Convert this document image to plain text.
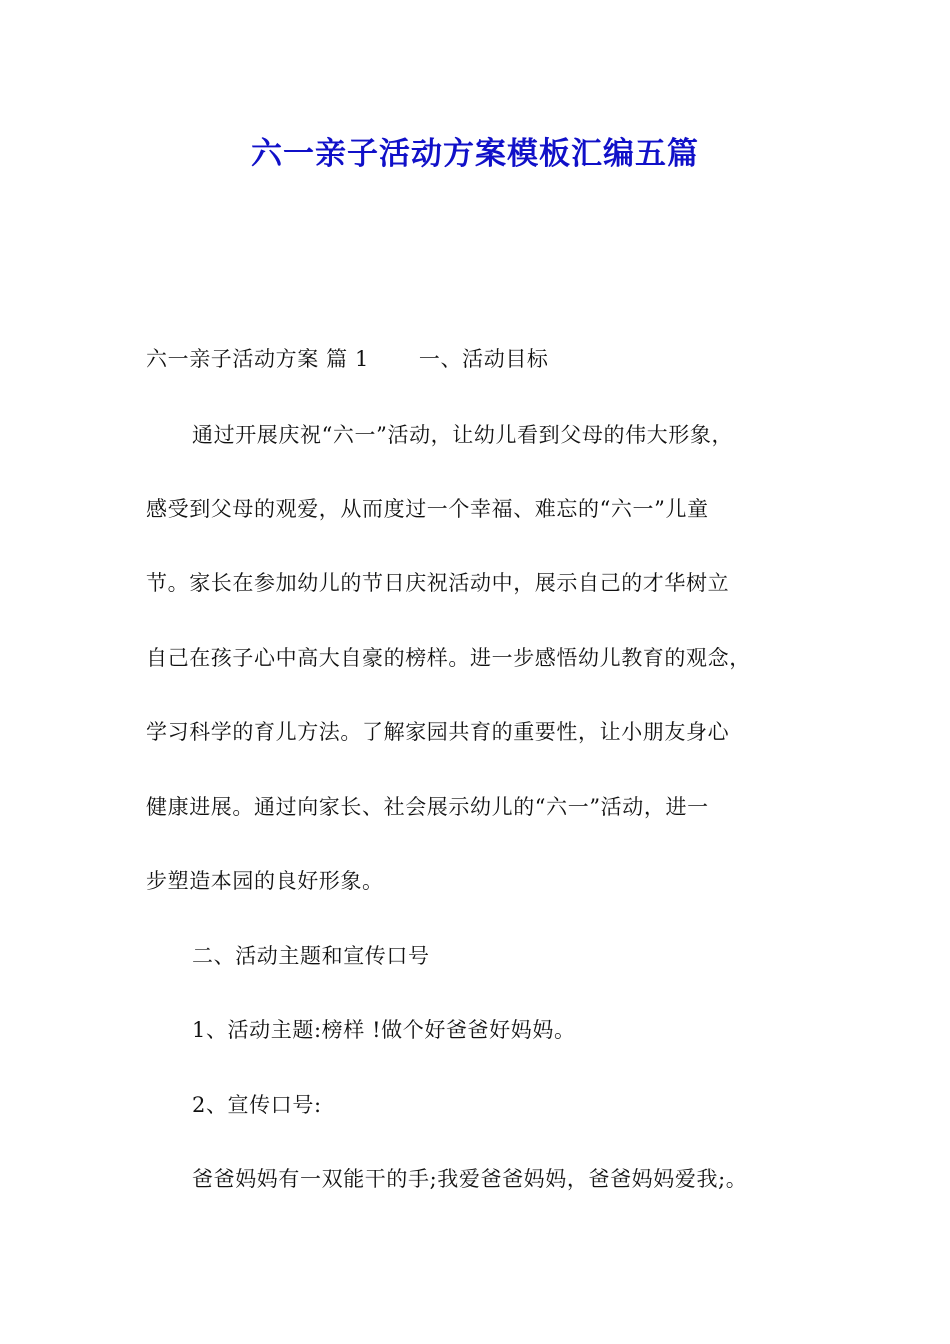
六一亲子活动方案模板汇编五篇
六一亲子活动方案 篇 1 一、活动目标
通过开展庆祝“六一”活动，让幼儿看到父母的伟大形象，
感受到父母的观爱，从而度过一个幸福、难忘的“六一”儿童
节。家长在参加幼儿的节日庆祝活动中，展示自己的才华树立
自己在孩子心中高大自豪的榜样。进一步感悟幼儿教育的观念，
学习科学的育儿方法。了解家园共育的重要性，让小朋友身心
健康进展。通过向家长、社会展示幼儿的“六一”活动，进一
步塑造本园的良好形象。
二、活动主题和宣传口号
1、活动主题:榜样 !做个好爸爸好妈妈。
2、宣传口号:
爸爸妈妈有一双能干的手;我爱爸爸妈妈，爸爸妈妈爱我;。
